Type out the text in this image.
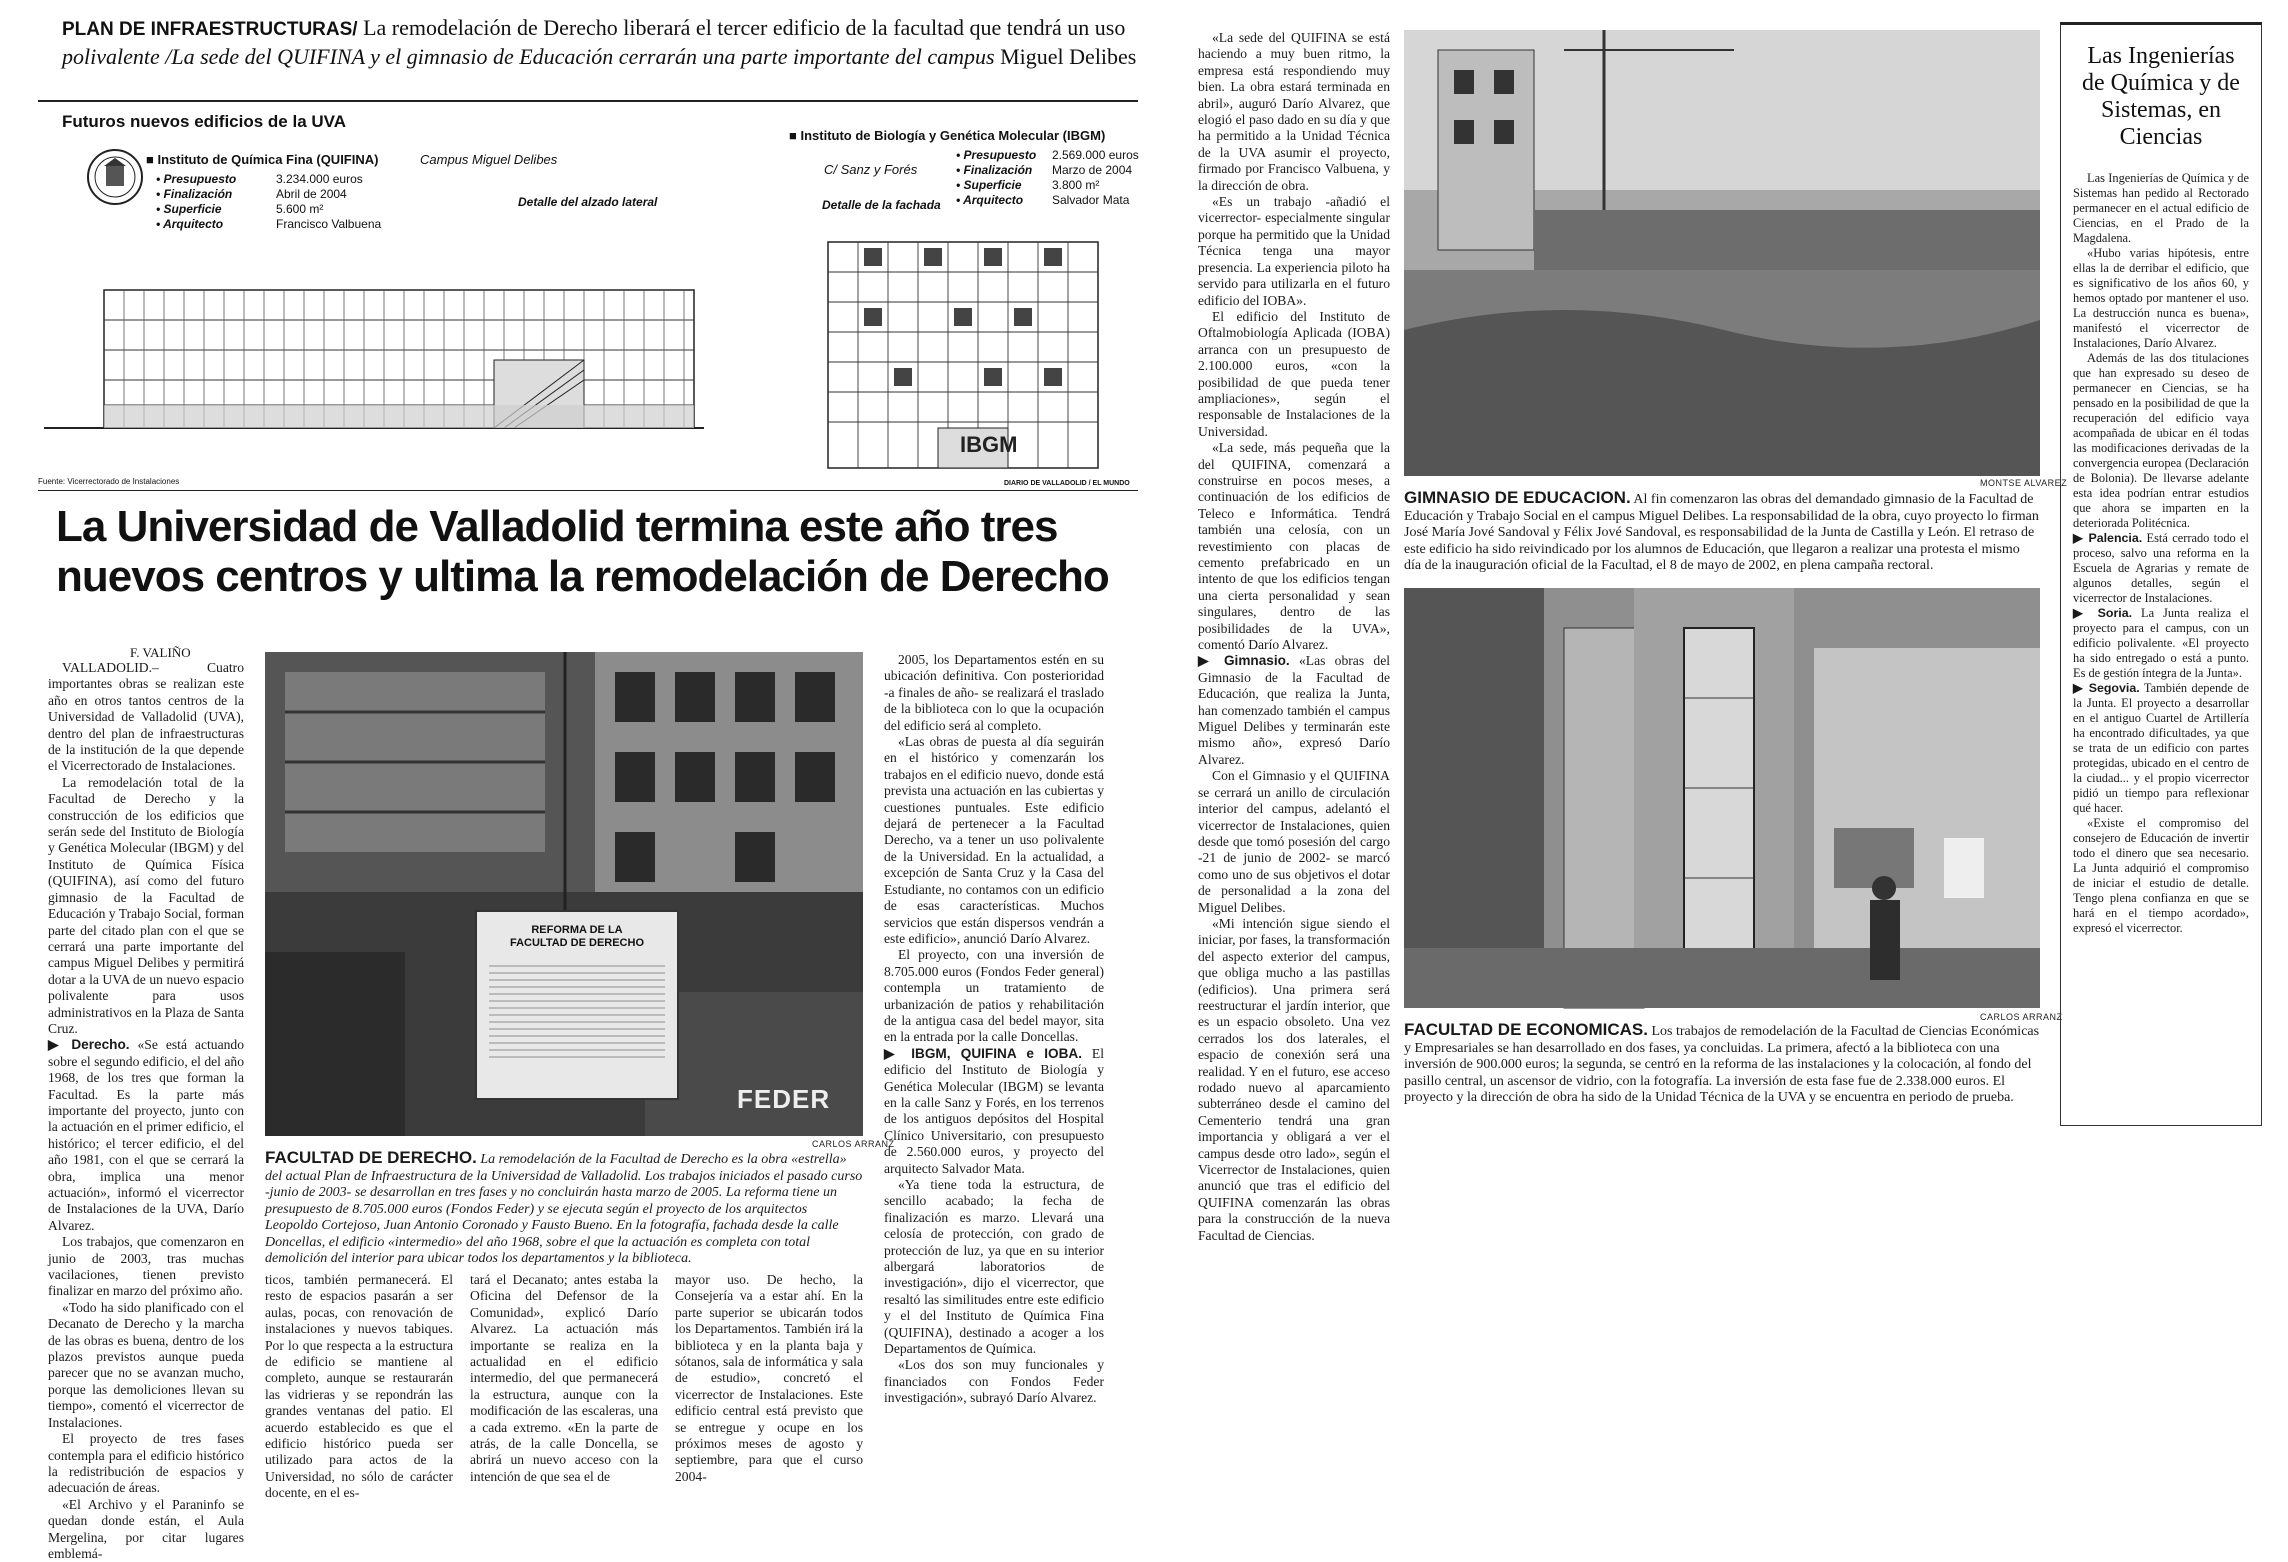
PLAN DE INFRAESTRUCTURAS/ La remodelación de Derecho liberará el tercer edificio de la facultad que tendrá un uso
polivalente /La sede del QUIFINA y el gimnasio de Educación cerrarán una parte importante del campus Miguel Delibes
Futuros nuevos edificios de la UVA
■ Instituto de Química Fina (QUIFINA)	Campus Miguel Delibes
• Presupuesto	3.234.000 euros
• Finalización	Abril de 2004
• Superficie	5.600 m²
• Arquitecto	Francisco Valbuena
Detalle del alzado lateral
Fuente: Vicerrectorado de Instalaciones
■ Instituto de Biología y Genética Molecular (IBGM)
C/ Sanz y Forés
Detalle de la fachada
• Presupuesto 2.569.000 euros
• Finalización Marzo de 2004
• Superficie	3.800 m²
• Arquitecto Salvador Mata
IBGM
DIARIO DE VALLADOLID / EL MUNDO
La Universidad de Valladolid termina este año tres
nuevos centros y ultima la remodelación de Derecho
F. VALIÑO

VALLADOLID.– Cuatro importantes obras se realizan este año en otros tantos centros de la Universidad de Valladolid (UVA), dentro del plan de infraestructuras de la institución de la que depende el Vicerrectorado de Instalaciones.

La remodelación total de la Facultad de Derecho y la construcción de los edificios que serán sede del Instituto de Biología y Genética Molecular (IBGM) y del Instituto de Química Física (QUIFINA), así como del futuro gimnasio de la Facultad de Educación y Trabajo Social, forman parte del citado plan con el que se cerrará una parte importante del campus Miguel Delibes y permitirá dotar a la UVA de un nuevo espacio polivalente para usos administrativos en la Plaza de Santa Cruz.

▶ Derecho. «Se está actuando sobre el segundo edificio, el del año 1968, de los tres que forman la Facultad. Es la parte más importante del proyecto, junto con la actuación en el primer edificio, el histórico; el tercer edificio, el del año 1981, con el que se cerrará la obra, implica una menor actuación», informó el vicerrector de Instalaciones de la UVA, Darío Alvarez.

Los trabajos, que comenzaron en junio de 2003, tras muchas vacilaciones, tienen previsto finalizar en marzo del próximo año.

«Todo ha sido planificado con el Decanato de Derecho y la marcha de las obras es buena, dentro de los plazos previstos aunque pueda parecer que no se avanzan mucho, porque las demoliciones llevan su tiempo», comentó el vicerrector de Instalaciones.

El proyecto de tres fases contempla para el edificio histórico la redistribución de espacios y adecuación de áreas.

«El Archivo y el Paraninfo se quedan donde están, el Aula Mergelina, por citar lugares emblemá-

REFORMA DE LA FACULTAD DE DERECHO
FEDER
CARLOS ARRANZ
FACULTAD DE DERECHO. La remodelación de la Facultad de Derecho es la obra «estrella» del actual Plan de Infraestructura de la Universidad de Valladolid. Los trabajos iniciados el pasado curso -junio de 2003- se desarrollan en tres fases y no concluirán hasta marzo de 2005. La reforma tiene un presupuesto de 8.705.000 euros (Fondos Feder) y se ejecuta según el proyecto de los arquitectos Leopoldo Cortejoso, Juan Antonio Coronado y Fausto Bueno. En la fotografía, fachada desde la calle Doncellas, el edificio «intermedio» del año 1968, sobre el que la actuación es completa con total demolición del interior para ubicar todos los departamentos y la biblioteca.

ticos, también permanecerá. El resto de espacios pasarán a ser aulas, pocas, con renovación de instalaciones y nuevos tabiques. Por lo que respecta a la estructura de edificio se mantiene al completo, aunque se restaurarán las vidrieras y se repondrán las grandes ventanas del patio. El acuerdo establecido es que el edificio histórico pueda ser utilizado para actos de la Universidad, no sólo de carácter docente, en el es-

tará el Decanato; antes estaba la Oficina del Defensor de la Comunidad», explicó Darío Alvarez. La actuación más importante se realiza en la actualidad en el edificio intermedio, del que permanecerá la estructura, aunque con la modificación de las escaleras, una a cada extremo. «En la parte de atrás, de la calle Doncella, se abrirá un nuevo acceso con la intención de que sea el de

mayor uso. De hecho, la Consejería va a estar ahí. En la parte superior se ubicarán todos los Departamentos. También irá la biblioteca y en la planta baja y sótanos, sala de informática y sala de estudio», concretó el vicerrector de Instalaciones. Este edificio central está previsto que se entregue y ocupe en los próximos meses de agosto y septiembre, para que el curso 2004-

2005, los Departamentos estén en su ubicación definitiva. Con posterioridad -a finales de año- se realizará el traslado de la biblioteca con lo que la ocupación del edificio será al completo.

«Las obras de puesta al día seguirán en el histórico y comenzarán los trabajos en el edificio nuevo, donde está prevista una actuación en las cubiertas y cuestiones puntuales. Este edificio dejará de pertenecer a la Facultad Derecho, va a tener un uso polivalente de la Universidad. En la actualidad, a excepción de Santa Cruz y la Casa del Estudiante, no contamos con un edificio de esas características. Muchos servicios que están dispersos vendrán a este edificio», anunció Darío Alvarez.

El proyecto, con una inversión de 8.705.000 euros (Fondos Feder general) contempla un tratamiento de urbanización de patios y rehabilitación de la antigua casa del bedel mayor, sita en la entrada por la calle Doncellas.

▶ IBGM, QUIFINA e IOBA. El edificio del Instituto de Biología y Genética Molecular (IBGM) se levanta en la calle Sanz y Forés, en los terrenos de los antiguos depósitos del Hospital Clínico Universitario, con presupuesto de 2.560.000 euros, y proyecto del arquitecto Salvador Mata.

«Ya tiene toda la estructura, de sencillo acabado; la fecha de finalización es marzo. Llevará una celosía de protección, con grado de protección de luz, ya que en su interior albergará laboratorios de investigación», dijo el vicerrector, que resaltó las similitudes entre este edificio y el del Instituto de Química Fina (QUIFINA), destinado a acoger a los Departamentos de Química.

«Los dos son muy funcionales y financiados con Fondos Feder investigación», subrayó Darío Alvarez.

«La sede del QUIFINA se está haciendo a muy buen ritmo, la empresa está respondiendo muy bien. La obra estará terminada en abril», auguró Darío Alvarez, que elogió el paso dado en su día y que ha permitido a la Unidad Técnica de la UVA asumir el proyecto, firmado por Francisco Valbuena, y la dirección de obra.

«Es un trabajo -añadió el vicerrector- especialmente singular porque ha permitido que la Unidad Técnica tenga una mayor presencia. La experiencia piloto ha servido para utilizarla en el futuro edificio del IOBA».

El edificio del Instituto de Oftalmobiología Aplicada (IOBA) arranca con un presupuesto de 2.100.000 euros, «con la posibilidad de que pueda tener ampliaciones», según el responsable de Instalaciones de la Universidad.

«La sede, más pequeña que la del QUIFINA, comenzará a construirse en pocos meses, a continuación de los edificios de Teleco e Informática. Tendrá también una celosía, con un revestimiento con placas de cemento prefabricado en un intento de que los edificios tengan una cierta personalidad y sean singulares, dentro de las posibilidades de la UVA», comentó Darío Alvarez.

▶ Gimnasio. «Las obras del Gimnasio de la Facultad de Educación, que realiza la Junta, han comenzado también el campus Miguel Delibes y terminarán este mismo año», expresó Darío Alvarez.

Con el Gimnasio y el QUIFINA se cerrará un anillo de circulación interior del campus, adelantó el vicerrector de Instalaciones, quien desde que tomó posesión del cargo -21 de junio de 2002- se marcó como uno de sus objetivos el dotar de personalidad a la zona del Miguel Delibes.

«Mi intención sigue siendo el iniciar, por fases, la transformación del aspecto exterior del campus, que obliga mucho a las pastillas (edificios). Una primera será reestructurar el jardín interior, que es un espacio obsoleto. Una vez cerrados los dos laterales, el espacio de conexión será una realidad. Y en el futuro, ese acceso rodado nuevo al aparcamiento subterráneo desde el camino del Cementerio tendrá una gran importancia y obligará a ver el campus desde otro lado», según el Vicerrector de Instalaciones, quien anunció que tras el edificio del QUIFINA comenzarán las obras para la construcción de la nueva Facultad de Ciencias.

MONTSE ALVAREZ
GIMNASIO DE EDUCACION. Al fin comenzaron las obras del demandado gimnasio de la Facultad de Educación y Trabajo Social en el campus Miguel Delibes. La responsabilidad de la obra, cuyo proyecto lo firman José María Jové Sandoval y Félix Jové Sandoval, es responsabilidad de la Junta de Castilla y León. El retraso de este edificio ha sido reivindicado por los alumnos de Educación, que llegaron a realizar una protesta el mismo día de la inauguración oficial de la Facultad, el 8 de mayo de 2002, en plena campaña rectoral.
CARLOS ARRANZ
FACULTAD DE ECONOMICAS. Los trabajos de remodelación de la Facultad de Ciencias Económicas y Empresariales se han desarrollado en dos fases, ya concluidas. La primera, afectó a la biblioteca con una inversión de 900.000 euros; la segunda, se centró en la reforma de las instalaciones y la colocación, al fondo del pasillo central, un ascensor de vidrio, con la fotografía. La inversión de esta fase fue de 2.338.000 euros. El proyecto y la dirección de obra ha sido de la Unidad Técnica de la UVA y se encuentra en periodo de prueba.
Las Ingenierías de Química y de Sistemas, en Ciencias

Las Ingenierías de Química y de Sistemas han pedido al Rectorado permanecer en el actual edificio de Ciencias, en el Prado de la Magdalena.

«Hubo varias hipótesis, entre ellas la de derribar el edificio, que es significativo de los años 60, y hemos optado por mantener el uso. La destrucción nunca es buena», manifestó el vicerrector de Instalaciones, Darío Alvarez.

Además de las dos titulaciones que han expresado su deseo de permanecer en Ciencias, se ha pensado en la posibilidad de que la recuperación del edificio vaya acompañada de ubicar en él todas las modificaciones derivadas de la convergencia europea (Declaración de Bolonia). De llevarse adelante esta idea podrían entrar estudios que ahora se imparten en la deteriorada Politécnica.

▶ Palencia. Está cerrado todo el proceso, salvo una reforma en la Escuela de Agrarias y remate de algunos detalles, según el vicerrector de Instalaciones.

▶ Soria. La Junta realiza el proyecto para el campus, con un edificio polivalente. «El proyecto ha sido entregado o está a punto. Es de gestión íntegra de la Junta».

▶ Segovia. También depende de la Junta. El proyecto a desarrollar en el antiguo Cuartel de Artillería ha encontrado dificultades, ya que se trata de un edificio con partes protegidas, ubicado en el centro de la ciudad... y el propio vicerrector pidió un tiempo para reflexionar qué hacer.

«Existe el compromiso del consejero de Educación de invertir todo el dinero que sea necesario. La Junta adquirió el compromiso de iniciar el estudio de detalle. Tengo plena confianza en que se hará en el tiempo acordado», expresó el vicerrector.
